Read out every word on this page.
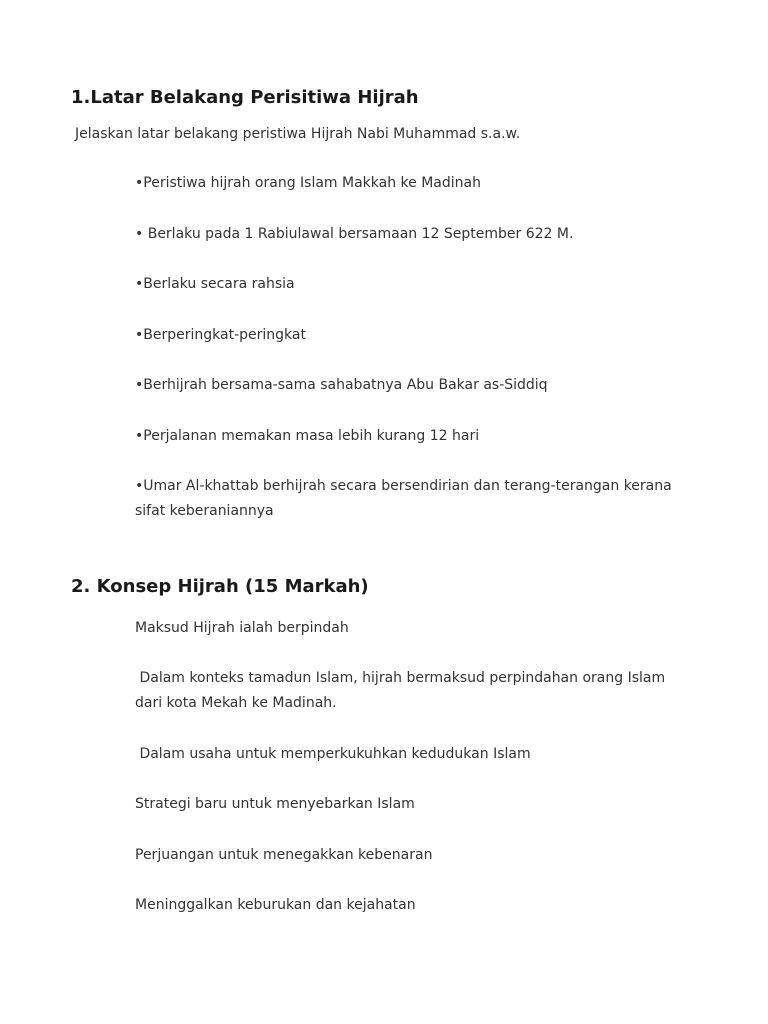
1.Latar Belakang Perisitiwa Hijrah

Jelaskan latar belakang peristiwa Hijrah Nabi Muhammad s.a.w.

•Peristiwa hijrah orang Islam Makkah ke Madinah

• Berlaku pada 1 Rabiulawal bersamaan 12 September 622 M.

•Berlaku secara rahsia

•Berperingkat-peringkat

•Berhijrah bersama-sama sahabatnya Abu Bakar as-Siddiq

•Perjalanan memakan masa lebih kurang 12 hari

•Umar Al-khattab berhijrah secara bersendirian dan terang-terangan kerana sifat keberaniannya

2. Konsep Hijrah (15 Markah)

Maksud Hijrah ialah berpindah

Dalam konteks tamadun Islam, hijrah bermaksud perpindahan orang Islam dari kota Mekah ke Madinah.

Dalam usaha untuk memperkukuhkan kedudukan Islam

Strategi baru untuk menyebarkan Islam

Perjuangan untuk menegakkan kebenaran

Meninggalkan keburukan dan kejahatan
